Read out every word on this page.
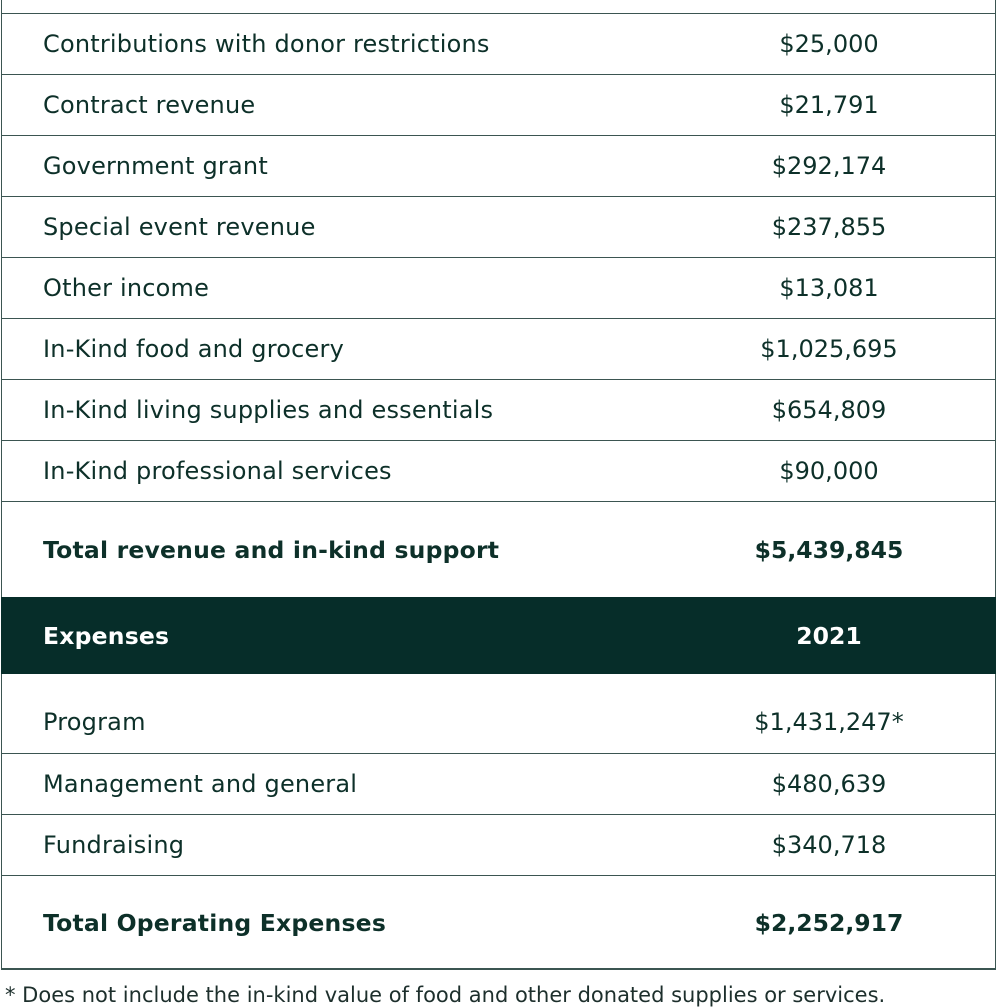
Contributions with donor restrictions	$25,000
Contract revenue	$21,791
Government grant	$292,174
Special event revenue	$237,855
Other income	$13,081
In-Kind food and grocery	$1,025,695
In-Kind living supplies and essentials	$654,809
In-Kind professional services	$90,000
Total revenue and in-kind support	$5,439,845
Expenses	2021
Program	$1,431,247*
Management and general	$480,639
Fundraising	$340,718
Total Operating Expenses	$2,252,917
* Does not include the in-kind value of food and other donated supplies or services.
